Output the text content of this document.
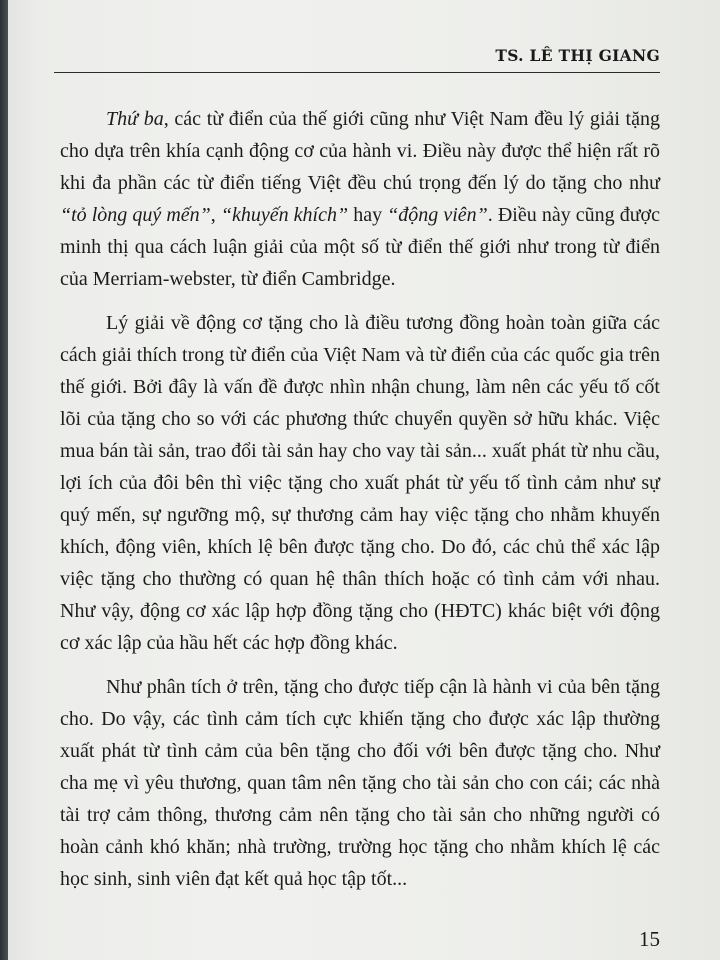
TS. LÊ THỊ GIANG

Thứ ba, các từ điển của thế giới cũng như Việt Nam đều lý giải tặng cho dựa trên khía cạnh động cơ của hành vi. Điều này được thể hiện rất rõ khi đa phần các từ điển tiếng Việt đều chú trọng đến lý do tặng cho như “tỏ lòng quý mến”, “khuyến khích” hay “động viên”. Điều này cũng được minh thị qua cách luận giải của một số từ điển thế giới như trong từ điển của Merriam-webster, từ điển Cambridge.

Lý giải về động cơ tặng cho là điều tương đồng hoàn toàn giữa các cách giải thích trong từ điển của Việt Nam và từ điển của các quốc gia trên thế giới. Bởi đây là vấn đề được nhìn nhận chung, làm nên các yếu tố cốt lõi của tặng cho so với các phương thức chuyển quyền sở hữu khác. Việc mua bán tài sản, trao đổi tài sản hay cho vay tài sản... xuất phát từ nhu cầu, lợi ích của đôi bên thì việc tặng cho xuất phát từ yếu tố tình cảm như sự quý mến, sự ngưỡng mộ, sự thương cảm hay việc tặng cho nhằm khuyến khích, động viên, khích lệ bên được tặng cho. Do đó, các chủ thể xác lập việc tặng cho thường có quan hệ thân thích hoặc có tình cảm với nhau. Như vậy, động cơ xác lập hợp đồng tặng cho (HĐTC) khác biệt với động cơ xác lập của hầu hết các hợp đồng khác.

Như phân tích ở trên, tặng cho được tiếp cận là hành vi của bên tặng cho. Do vậy, các tình cảm tích cực khiến tặng cho được xác lập thường xuất phát từ tình cảm của bên tặng cho đối với bên được tặng cho. Như cha mẹ vì yêu thương, quan tâm nên tặng cho tài sản cho con cái; các nhà tài trợ cảm thông, thương cảm nên tặng cho tài sản cho những người có hoàn cảnh khó khăn; nhà trường, trường học tặng cho nhằm khích lệ các học sinh, sinh viên đạt kết quả học tập tốt...

15
